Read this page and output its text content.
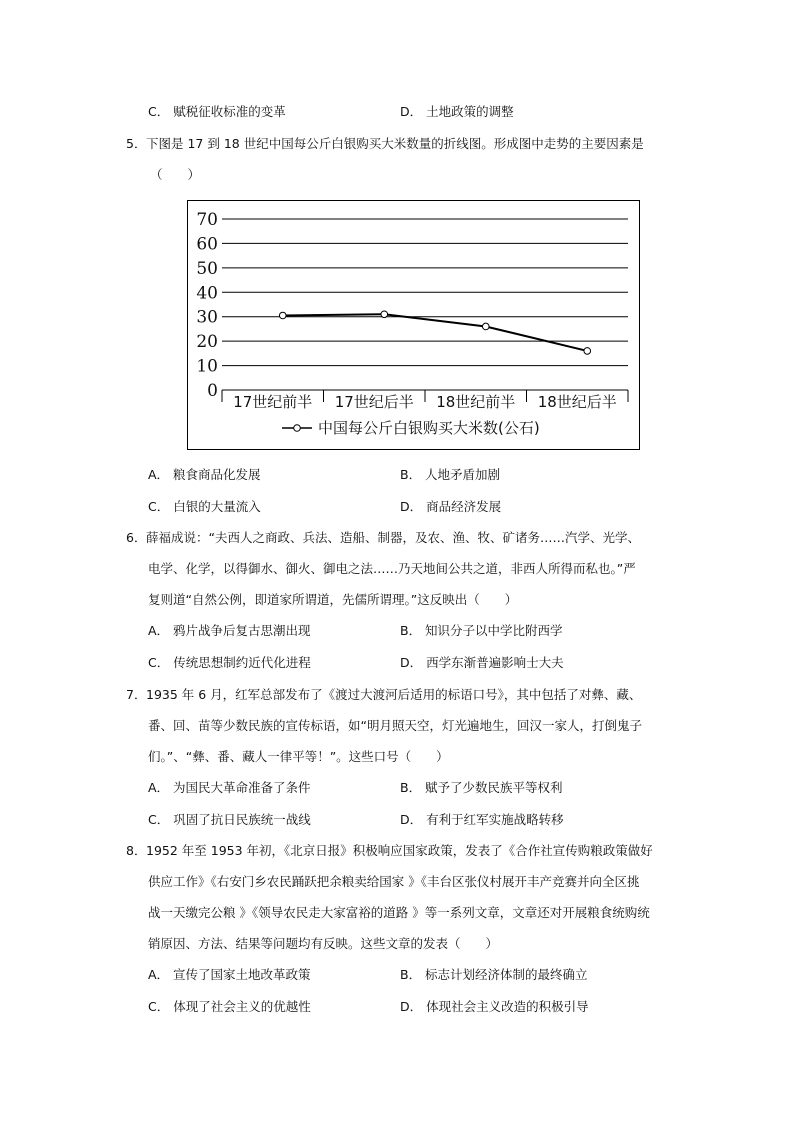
C． 赋税征收标准的变革	D． 土地政策的调整
5． 下图是 17 到 18 世纪中国每公斤白银购买大米数量的折线图。形成图中走势的主要因素是
（　　）
0
10
20
30
40
50
60
70
17世纪前半 17世纪后半 18世纪前半 18世纪后半
中国每公斤白银购买大米数(公石)
A． 粮食商品化发展	B． 人地矛盾加剧
C． 白银的大量流入	D． 商品经济发展
6． 薛福成说：“夫西人之商政、兵法、造船、制器，及农、渔、牧、矿诸务……汽学、光学、
电学、化学，以得御水、御火、御电之法……乃天地间公共之道，非西人所得而私也。”严
复则道“自然公例，即道家所谓道，先儒所谓理。”这反映出（　　）
A． 鸦片战争后复古思潮出现	B． 知识分子以中学比附西学
C． 传统思想制约近代化进程	D． 西学东渐普遍影响士大夫
7． 1935 年 6 月，红军总部发布了《渡过大渡河后适用的标语口号》，其中包括了对彝、藏、
番、回、苗等少数民族的宣传标语，如“明月照天空，灯光遍地生，回汉一家人，打倒鬼子
们。”、“彝、番、藏人一律平等！”。这些口号（　　）
A． 为国民大革命准备了条件	B． 赋予了少数民族平等权利
C． 巩固了抗日民族统一战线	D． 有利于红军实施战略转移
8． 1952 年至 1953 年初，《北京日报》积极响应国家政策，发表了《合作社宣传购粮政策做好
供应工作》《右安门乡农民踊跃把余粮卖给国家 》《丰台区张仪村展开丰产竞赛并向全区挑
战一天缴完公粮 》《领导农民走大家富裕的道路 》等一系列文章，文章还对开展粮食统购统
销原因、方法、结果等问题均有反映。这些文章的发表（　　）
A． 宣传了国家土地改革政策	B． 标志计划经济体制的最终确立
C． 体现了社会主义的优越性	D． 体现社会主义改造的积极引导
